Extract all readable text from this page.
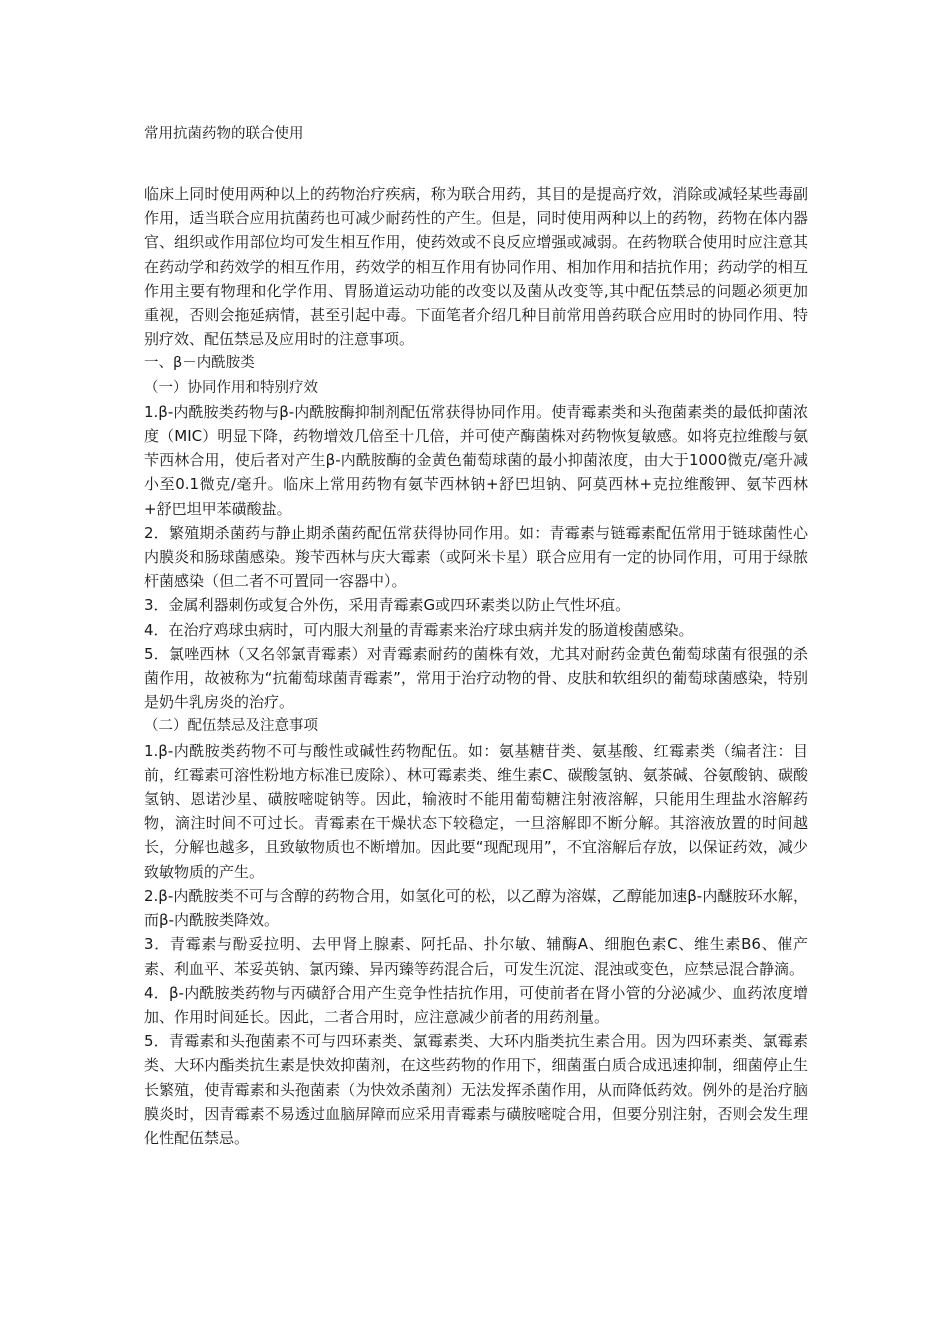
常用抗菌药物的联合使用

临床上同时使用两种以上的药物治疗疾病，称为联合用药，其目的是提高疗效，消除或减轻某些毒副作用，适当联合应用抗菌药也可减少耐药性的产生。但是，同时使用两种以上的药物，药物在体内器官、组织或作用部位均可发生相互作用，使药效或不良反应增强或减弱。在药物联合使用时应注意其在药动学和药效学的相互作用，药效学的相互作用有协同作用、相加作用和拮抗作用；药动学的相互作用主要有物理和化学作用、胃肠道运动功能的改变以及菌从改变等,其中配伍禁忌的问题必须更加重视，否则会拖延病情，甚至引起中毒。下面笔者介绍几种目前常用兽药联合应用时的协同作用、特别疗效、配伍禁忌及应用时的注意事项。

一、β－内酰胺类

（一）协同作用和特别疗效

1.β-内酰胺类药物与β-内酰胺酶抑制剂配伍常获得协同作用。使青霉素类和头孢菌素类的最低抑菌浓度（MIC）明显下降，药物增效几倍至十几倍，并可使产酶菌株对药物恢复敏感。如将克拉维酸与氨苄西林合用，使后者对产生β-内酰胺酶的金黄色葡萄球菌的最小抑菌浓度，由大于1000微克/毫升减小至0.1微克/毫升。临床上常用药物有氨苄西林钠+舒巴坦钠、阿莫西林+克拉维酸钾、氨苄西林+舒巴坦甲苯磺酸盐。

2．繁殖期杀菌药与静止期杀菌药配伍常获得协同作用。如：青霉素与链霉素配伍常用于链球菌性心内膜炎和肠球菌感染。羧苄西林与庆大霉素（或阿米卡星）联合应用有一定的协同作用，可用于绿脓杆菌感染（但二者不可置同一容器中）。

3．金属利器刺伤或复合外伤，采用青霉素G或四环素类以防止气性坏疽。

4．在治疗鸡球虫病时，可内服大剂量的青霉素来治疗球虫病并发的肠道梭菌感染。

5．氯唑西林（又名邻氯青霉素）对青霉素耐药的菌株有效，尤其对耐药金黄色葡萄球菌有很强的杀菌作用，故被称为“抗葡萄球菌青霉素”，常用于治疗动物的骨、皮肤和软组织的葡萄球菌感染，特别是奶牛乳房炎的治疗。

（二）配伍禁忌及注意事项

1.β-内酰胺类药物不可与酸性或碱性药物配伍。如：氨基糖苷类、氨基酸、红霉素类（编者注：目前，红霉素可溶性粉地方标准已废除）、林可霉素类、维生素C、碳酸氢钠、氨茶碱、谷氨酸钠、碳酸氢钠、恩诺沙星、磺胺嘧啶钠等。因此，输液时不能用葡萄糖注射液溶解，只能用生理盐水溶解药物，滴注时间不可过长。青霉素在干燥状态下较稳定，一旦溶解即不断分解。其溶液放置的时间越长，分解也越多，且致敏物质也不断增加。因此要“现配现用”，不宜溶解后存放，以保证药效，减少致敏物质的产生。

2.β-内酰胺类不可与含醇的药物合用，如氢化可的松，以乙醇为溶媒，乙醇能加速β-内醚胺环水解，而β-内酰胺类降效。

3．青霉素与酚妥拉明、去甲肾上腺素、阿托品、扑尔敏、辅酶A、细胞色素C、维生素B6、催产素、利血平、苯妥英钠、氯丙臻、异丙臻等药混合后，可发生沉淀、混浊或变色，应禁忌混合静滴。

4．β-内酰胺类药物与丙磺舒合用产生竞争性拮抗作用，可使前者在肾小管的分泌减少、血药浓度增加、作用时间延长。因此，二者合用时，应注意减少前者的用药剂量。

5．青霉素和头孢菌素不可与四环素类、氯霉素类、大环内脂类抗生素合用。因为四环素类、氯霉素类、大环内酯类抗生素是快效抑菌剂，在这些药物的作用下，细菌蛋白质合成迅速抑制，细菌停止生长繁殖，使青霉素和头孢菌素（为快效杀菌剂）无法发挥杀菌作用，从而降低药效。例外的是治疗脑膜炎时，因青霉素不易透过血脑屏障而应采用青霉素与磺胺嘧啶合用，但要分别注射，否则会发生理化性配伍禁忌。
